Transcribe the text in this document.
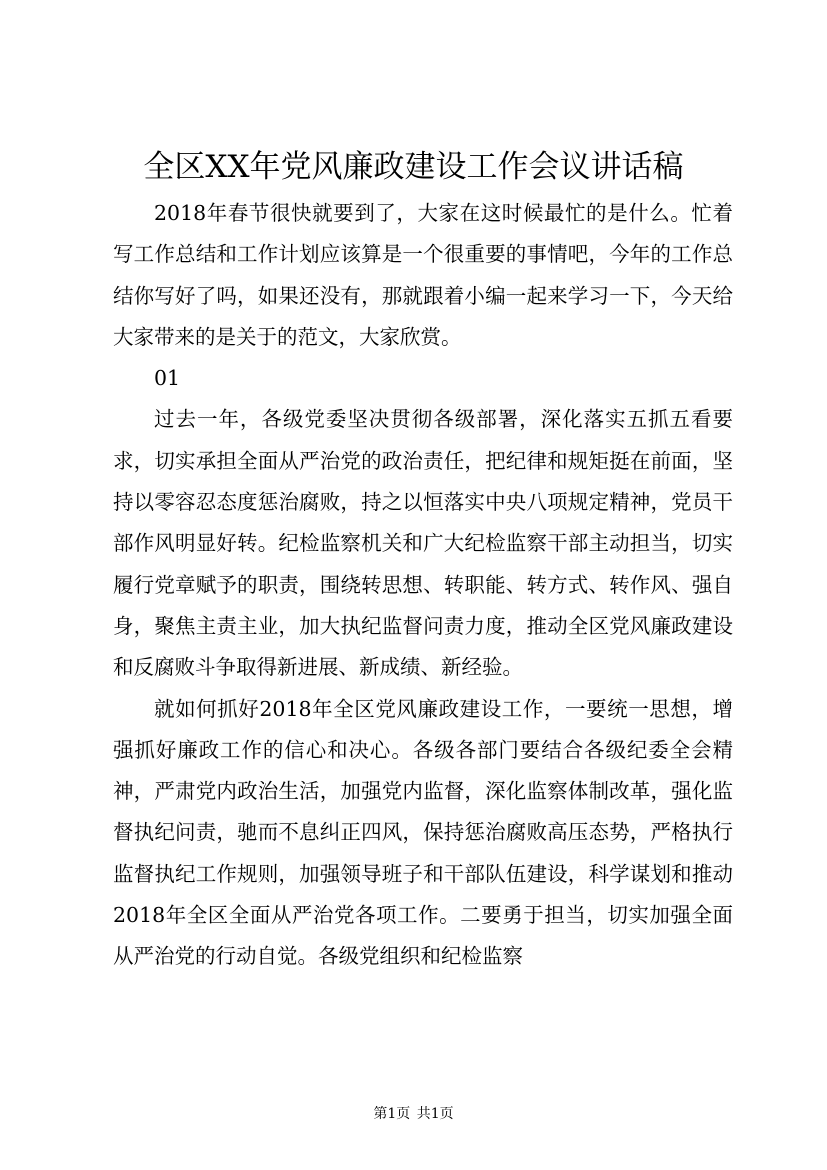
全区XX年党风廉政建设工作会议讲话稿

2018年春节很快就要到了，大家在这时候最忙的是什么。忙着写工作总结和工作计划应该算是一个很重要的事情吧，今年的工作总结你写好了吗，如果还没有，那就跟着小编一起来学习一下，今天给大家带来的是关于的范文，大家欣赏。

01

过去一年，各级党委坚决贯彻各级部署，深化落实五抓五看要求，切实承担全面从严治党的政治责任，把纪律和规矩挺在前面，坚持以零容忍态度惩治腐败，持之以恒落实中央八项规定精神，党员干部作风明显好转。纪检监察机关和广大纪检监察干部主动担当，切实履行党章赋予的职责，围绕转思想、转职能、转方式、转作风、强自身，聚焦主责主业，加大执纪监督问责力度，推动全区党风廉政建设和反腐败斗争取得新进展、新成绩、新经验。

就如何抓好2018年全区党风廉政建设工作，一要统一思想，增强抓好廉政工作的信心和决心。各级各部门要结合各级纪委全会精神，严肃党内政治生活，加强党内监督，深化监察体制改革，强化监督执纪问责，驰而不息纠正四风，保持惩治腐败高压态势，严格执行监督执纪工作规则，加强领导班子和干部队伍建设，科学谋划和推动2018年全区全面从严治党各项工作。二要勇于担当，切实加强全面从严治党的行动自觉。各级党组织和纪检监察

第1页 共1页
